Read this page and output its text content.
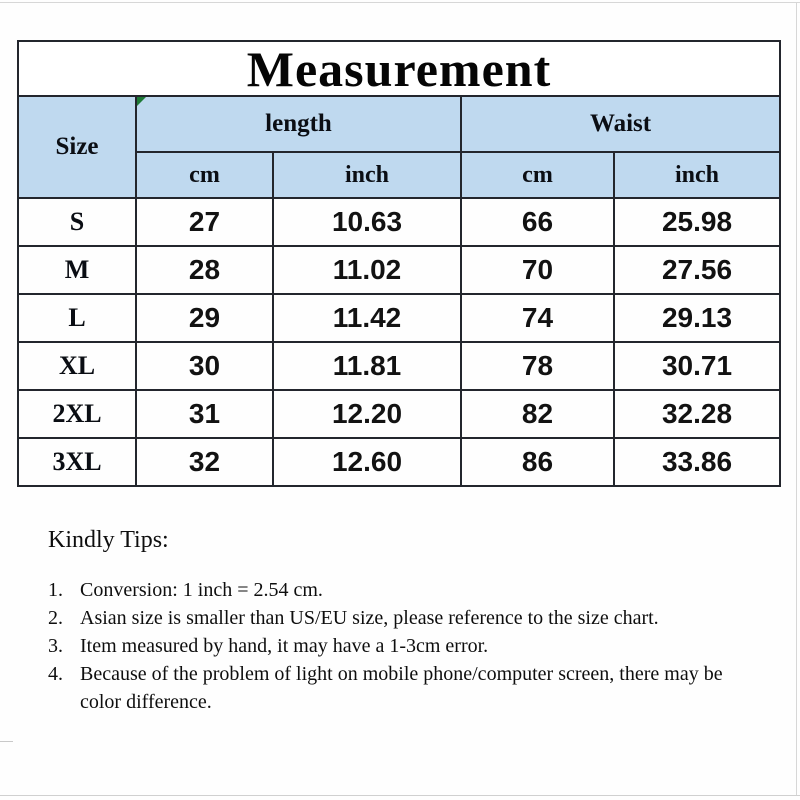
Measurement				
Size	length		Waist	
	cm	inch	cm	inch
S	27	10.63	66	25.98
M	28	11.02	70	27.56
L	29	11.42	74	29.13
XL	30	11.81	78	30.71
2XL	31	12.20	82	32.28
3XL	32	12.60	86	33.86
Kindly Tips:
1. Conversion: 1 inch = 2.54 cm.
2. Asian size is smaller than US/EU size, please reference to the size chart.
3. Item measured by hand, it may have a 1-3cm error.
4. Because of the problem of light on mobile phone/computer screen, there may be
color difference.
